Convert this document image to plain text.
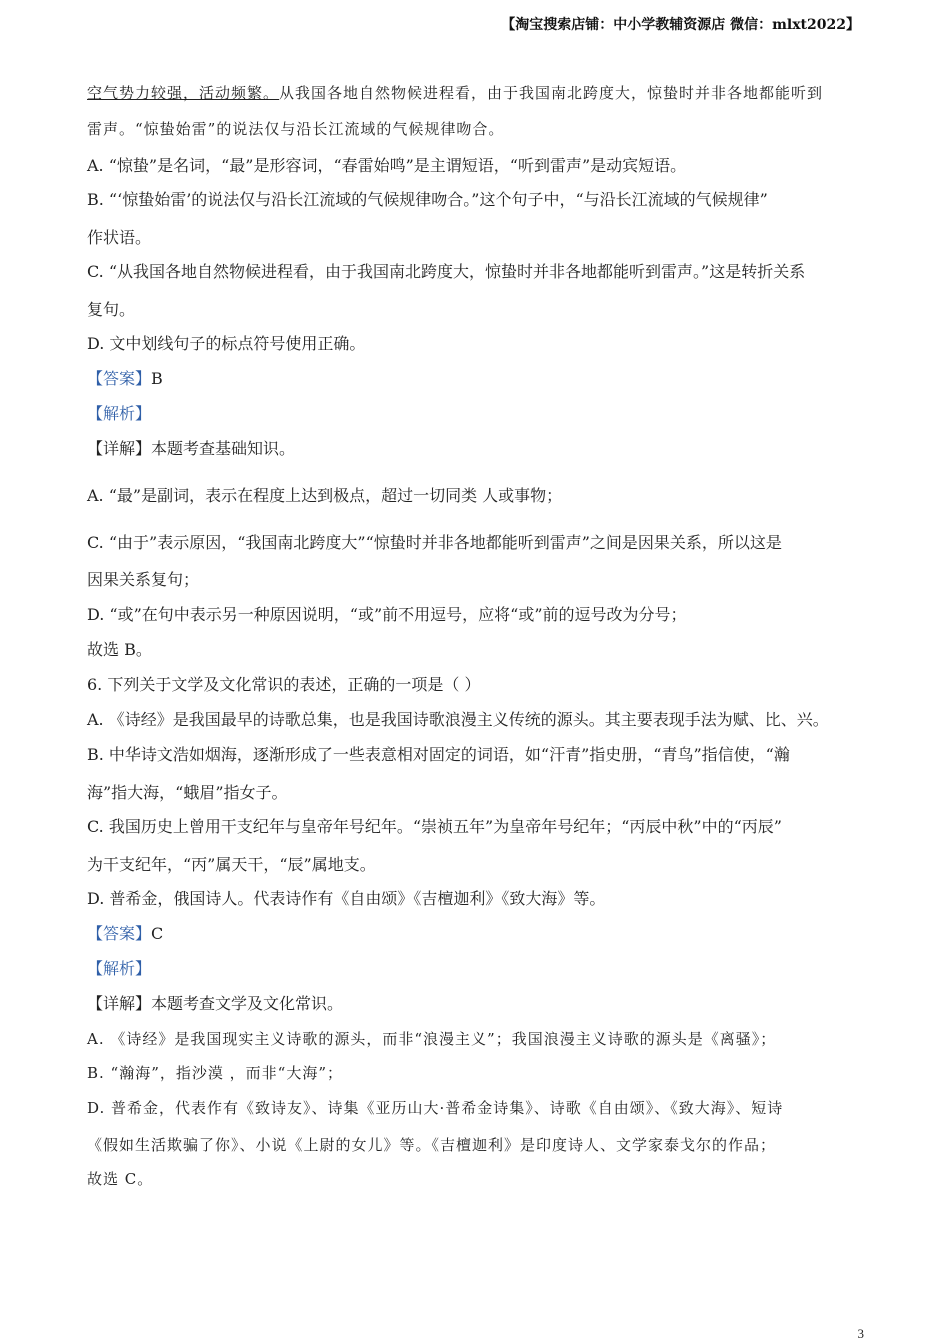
【淘宝搜索店铺：中小学教辅资源店 微信：mlxt2022】
空气势力较强，活动频繁。从我国各地自然物候进程看，由于我国南北跨度大，惊蛰时并非各地都能听到
雷声。“惊蛰始雷”的说法仅与沿长江流域的气候规律吻合。
A. “惊蛰”是名词，“最”是形容词，“春雷始鸣”是主谓短语，“听到雷声”是动宾短语。
B. “‘惊蛰始雷’的说法仅与沿长江流域的气候规律吻合。”这个句子中，“与沿长江流域的气候规律”
作状语。
C. “从我国各地自然物候进程看，由于我国南北跨度大，惊蛰时并非各地都能听到雷声。”这是转折关系
复句。
D. 文中划线句子的标点符号使用正确。
【答案】B
【解析】
【详解】本题考查基础知识。
A. “最”是副词，表示在程度上达到极点，超过一切同类 人或事物；
C. “由于”表示原因，“我国南北跨度大”“惊蛰时并非各地都能听到雷声”之间是因果关系，所以这是
因果关系复句；
D. “或”在句中表示另一种原因说明，“或”前不用逗号，应将“或”前的逗号改为分号；
故选 B。
6. 下列关于文学及文化常识的表述，正确的一项是（ ）
A. 《诗经》是我国最早的诗歌总集，也是我国诗歌浪漫主义传统的源头。其主要表现手法为赋、比、兴。
B. 中华诗文浩如烟海，逐渐形成了一些表意相对固定的词语，如“汗青”指史册，“青鸟”指信使，“瀚
海”指大海，“蛾眉”指女子。
C. 我国历史上曾用干支纪年与皇帝年号纪年。“崇祯五年”为皇帝年号纪年；“丙辰中秋”中的“丙辰”
为干支纪年，“丙”属天干，“辰”属地支。
D. 普希金，俄国诗人。代表诗作有《自由颂》《吉檀迦利》《致大海》等。
【答案】C
【解析】
【详解】本题考查文学及文化常识。
A. 《诗经》是我国现实主义诗歌的源头，而非“浪漫主义”；我国浪漫主义诗歌的源头是《离骚》；
B. “瀚海”，指沙漠 ，而非“大海”；
D. 普希金，代表作有《致诗友》、诗集《亚历山大·普希金诗集》、诗歌《自由颂》、《致大海》、短诗
《假如生活欺骗了你》、小说《上尉的女儿》等。《吉檀迦利》是印度诗人、文学家泰戈尔的作品；
故选 C。
3
